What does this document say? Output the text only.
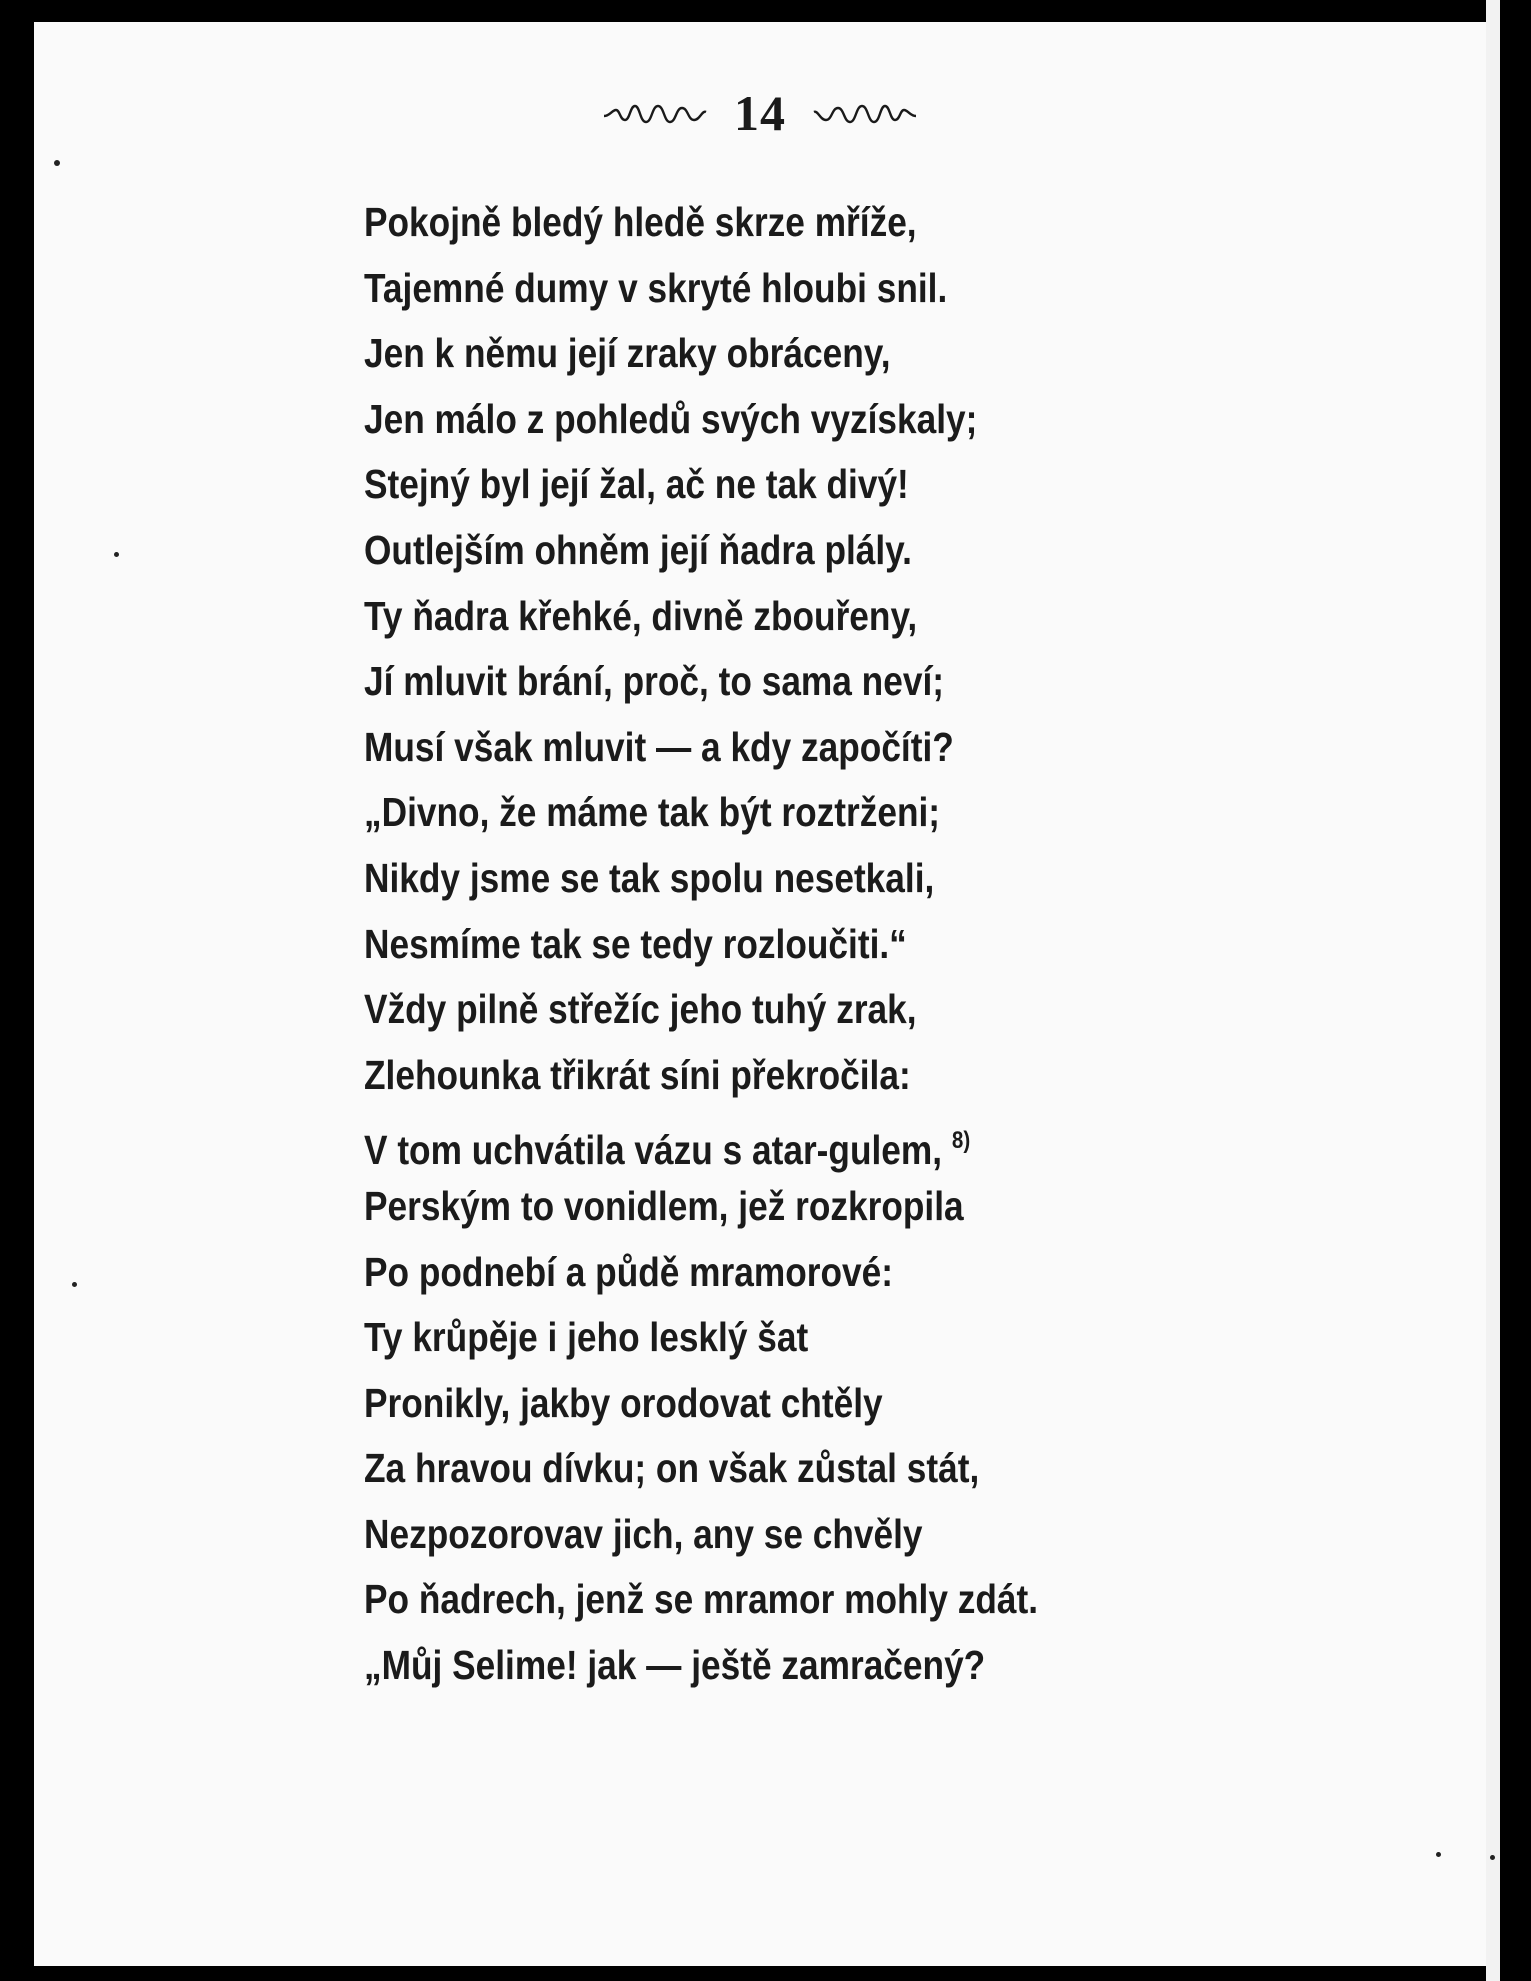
14
Pokojně bledý hledě skrze mříže,
Tajemné dumy v skryté hloubi snil.
Jen k němu její zraky obráceny,
Jen málo z pohledů svých vyzískaly;
Stejný byl její žal, ač ne tak divý!
Outlejším ohněm její ňadra plály.
Ty ňadra křehké, divně zbouřeny,
Jí mluvit brání, proč, to sama neví;
Musí však mluvit — a kdy započíti?
„Divno, že máme tak být roztrženi;
Nikdy jsme se tak spolu nesetkali,
Nesmíme tak se tedy rozloučiti.“
Vždy pilně střežíc jeho tuhý zrak,
Zlehounka třikrát síni překročila:
V tom uchvátila vázu s atar-gulem, $^{8)}$
Perským to vonidlem, jež rozkropila
Po podnebí a půdě mramorové:
Ty krůpěje i jeho lesklý šat
Pronikly, jakby orodovat chtěly
Za hravou dívku; on však zůstal stát,
Nezpozorovav jich, any se chvěly
Po ňadrech, jenž se mramor mohly zdát.
„Můj Selime! jak — ještě zamračený?
